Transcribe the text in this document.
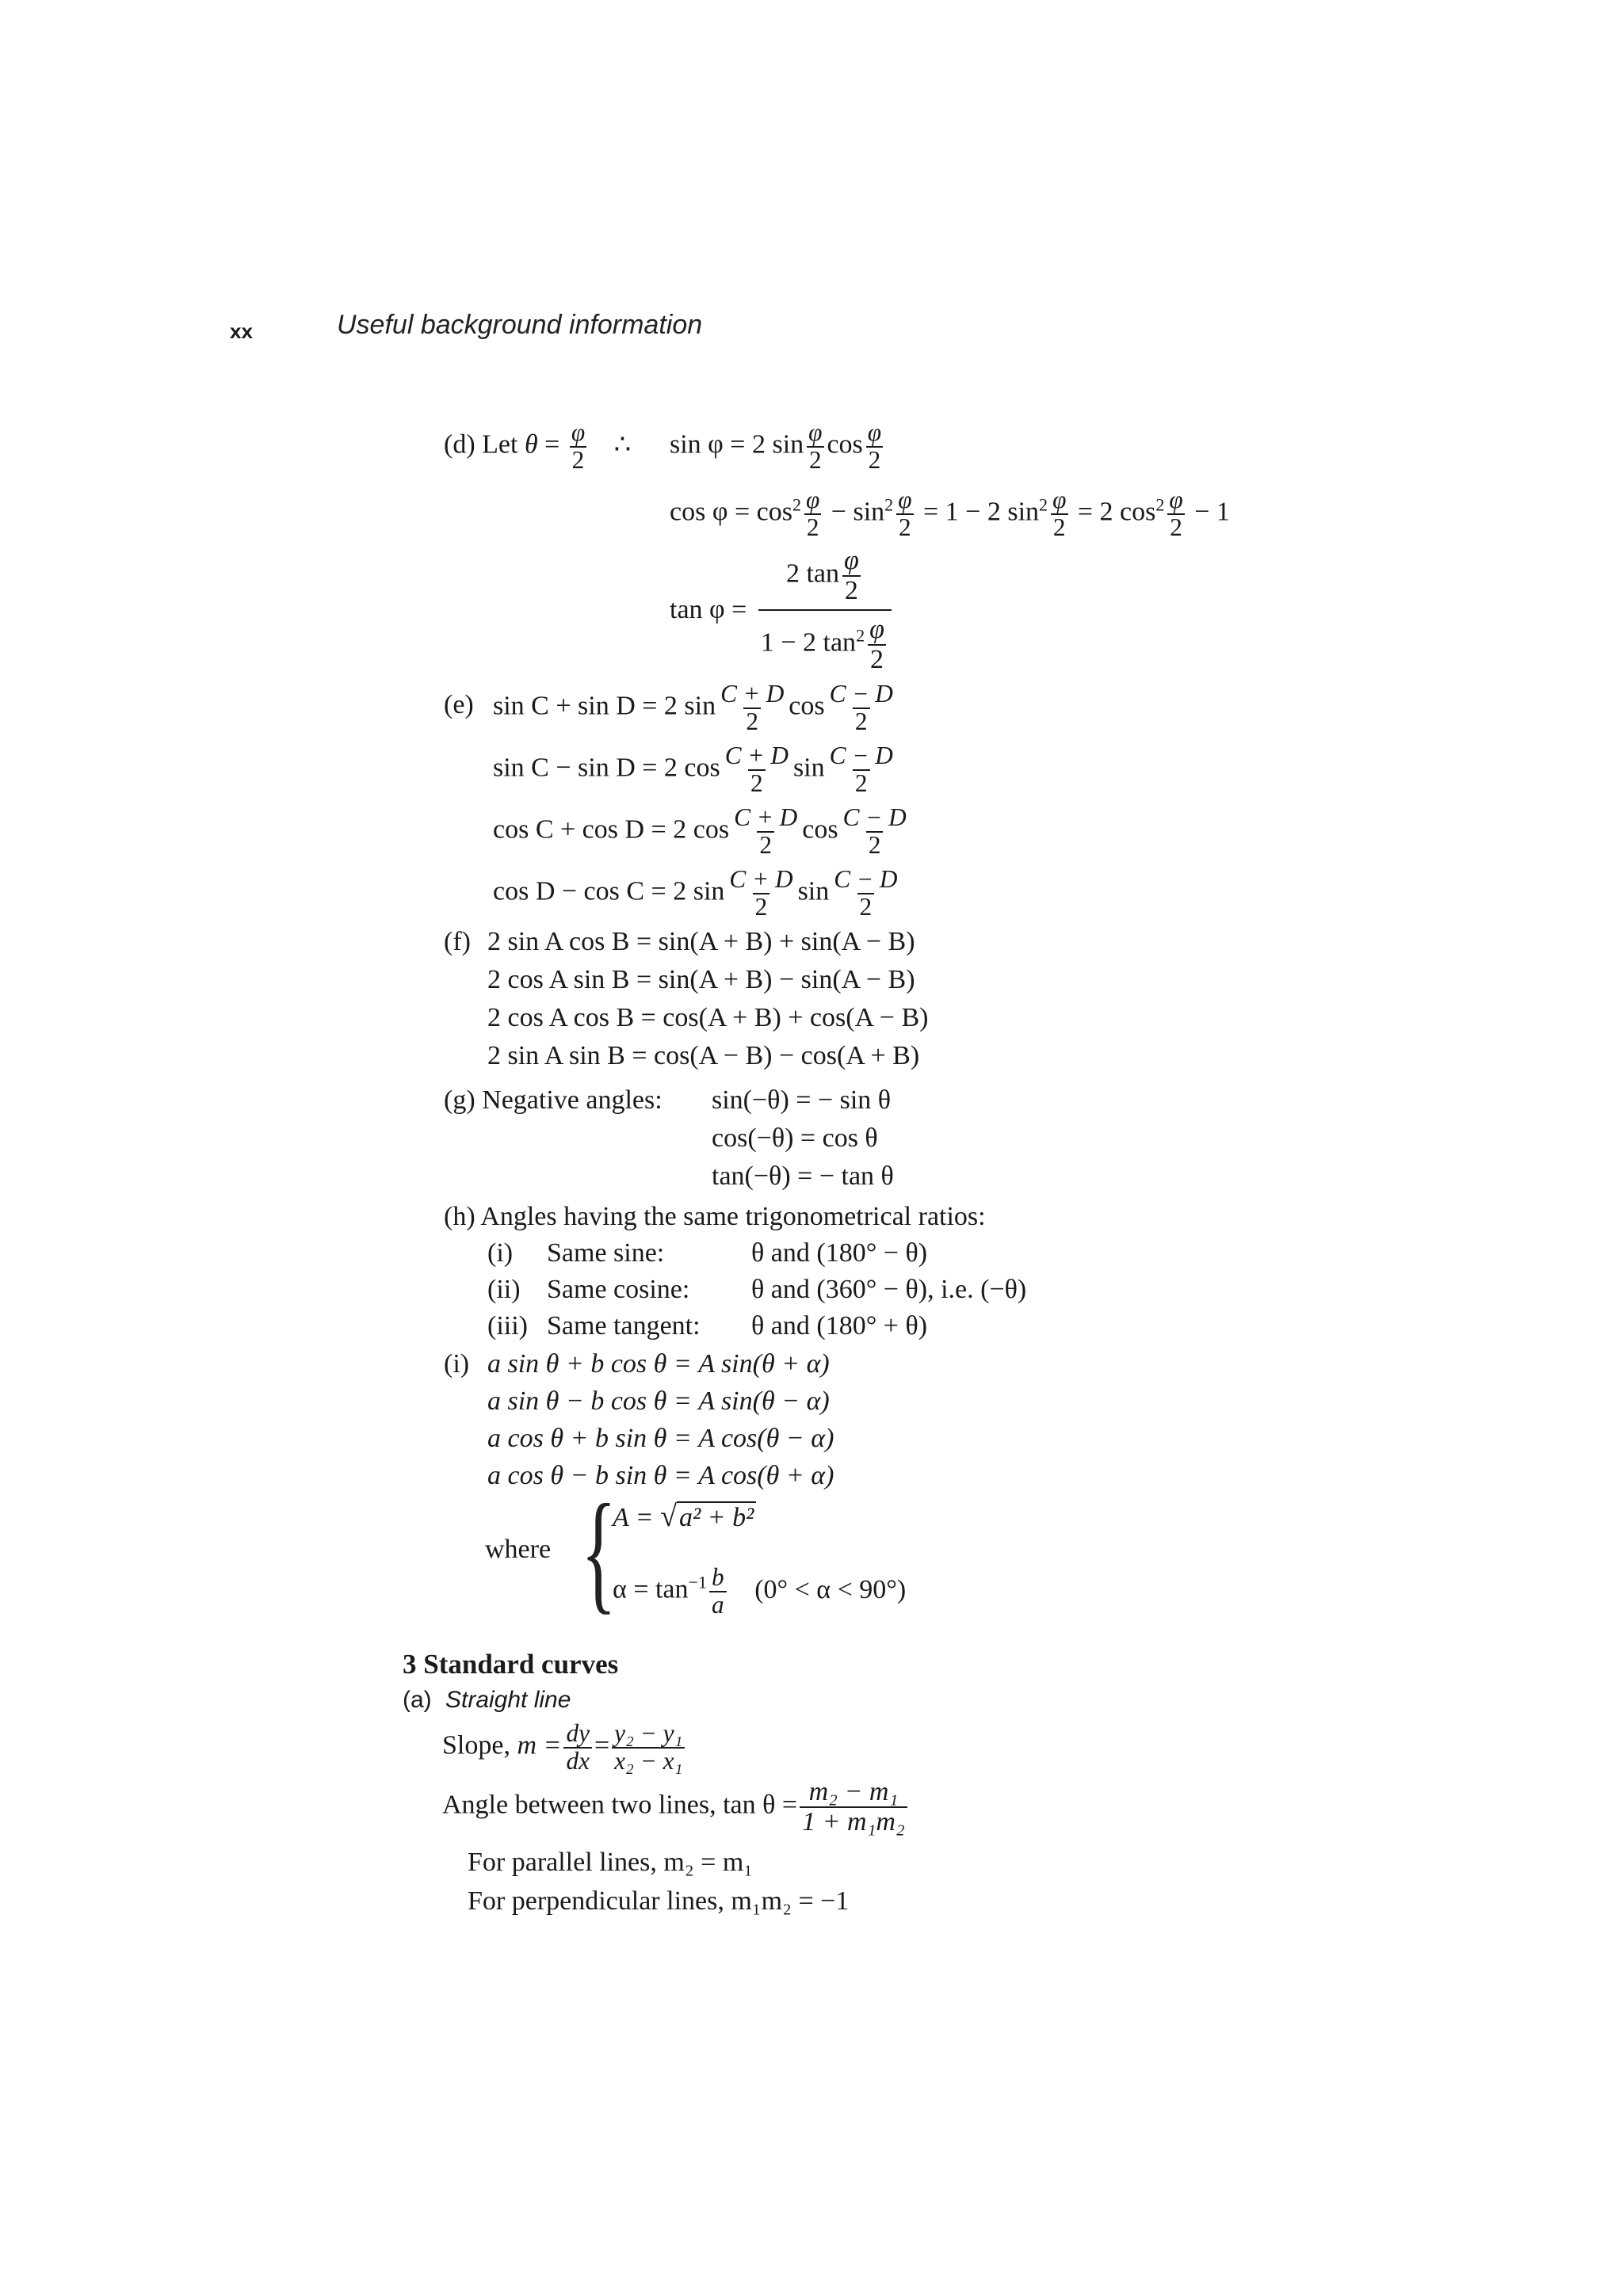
xx	Useful background information
(d) Let $\theta = \frac{\varphi}{2}$ ∴ sin φ = 2 $\sin \frac{\varphi}{2}$ $\cos \frac{\varphi}{2}$
$\cos \varphi = \cos^2 \frac{\varphi}{2} - \sin^2 \frac{\varphi}{2} = 1 - 2$ $\sin^2 \frac{\varphi}{2} = 2$ $\cos^2 \frac{\varphi}{2} - 1$
$\tan \varphi = \frac{2 \tan \frac{\varphi}{2}}{1 - 2 \tan^2 \frac{\varphi}{2}}$
(e) sin C + sin D = 2 $\sin \frac{C + D}{2}$ $\cos \frac{C - D}{2}$
sin C − sin D = 2 $\cos \frac{C + D}{2}$ $\sin \frac{C - D}{2}$
cos C + cos D = 2 $\cos \frac{C + D}{2}$ $\cos \frac{C - D}{2}$
cos D − cos C = 2 $\sin \frac{C + D}{2}$ $\sin \frac{C - D}{2}$
(f) 2 sin A cos B = sin(A + B) + sin(A − B)
2 cos A sin B = sin(A + B) − sin(A − B)
2 cos A cos B = cos(A + B) + cos(A − B)
2 sin A sin B = cos(A − B) − cos(A + B)
(g) Negative angles: sin(−θ) = − sin θ
cos(−θ) = cos θ
tan(−θ) = − tan θ
(h) Angles having the same trigonometrical ratios:
(i) Same sine:	θ and (180° − θ)
(ii) Same cosine: θ and (360° − θ), i.e. (−θ)
(iii) Same tangent: θ and (180° + θ)
(i) a sin θ + b cos θ = A sin(θ + α)
a sin θ − b cos θ = A sin(θ − α)
a cos θ + b sin θ = A cos(θ − α)
a cos θ − b sin θ = A cos(θ + α)
where {
A = √a² + b²
$\alpha = \tan^{-1} \frac{b}{a} (0^\circ < \alpha < 90^\circ)$
3 Standard curves
(a) Straight line
Slope, $m = \frac{dy}{dx} = \frac{\text{y₂ − y₁}}{\text{x₂ − x₁}}$
Angle between two lines, $\tan \theta = \frac{\text{m₂ − m₁}}{\text{1 + m₁m₂}}$
For parallel lines, m₂ = m₁
For perpendicular lines, m₁m₂ = −1
